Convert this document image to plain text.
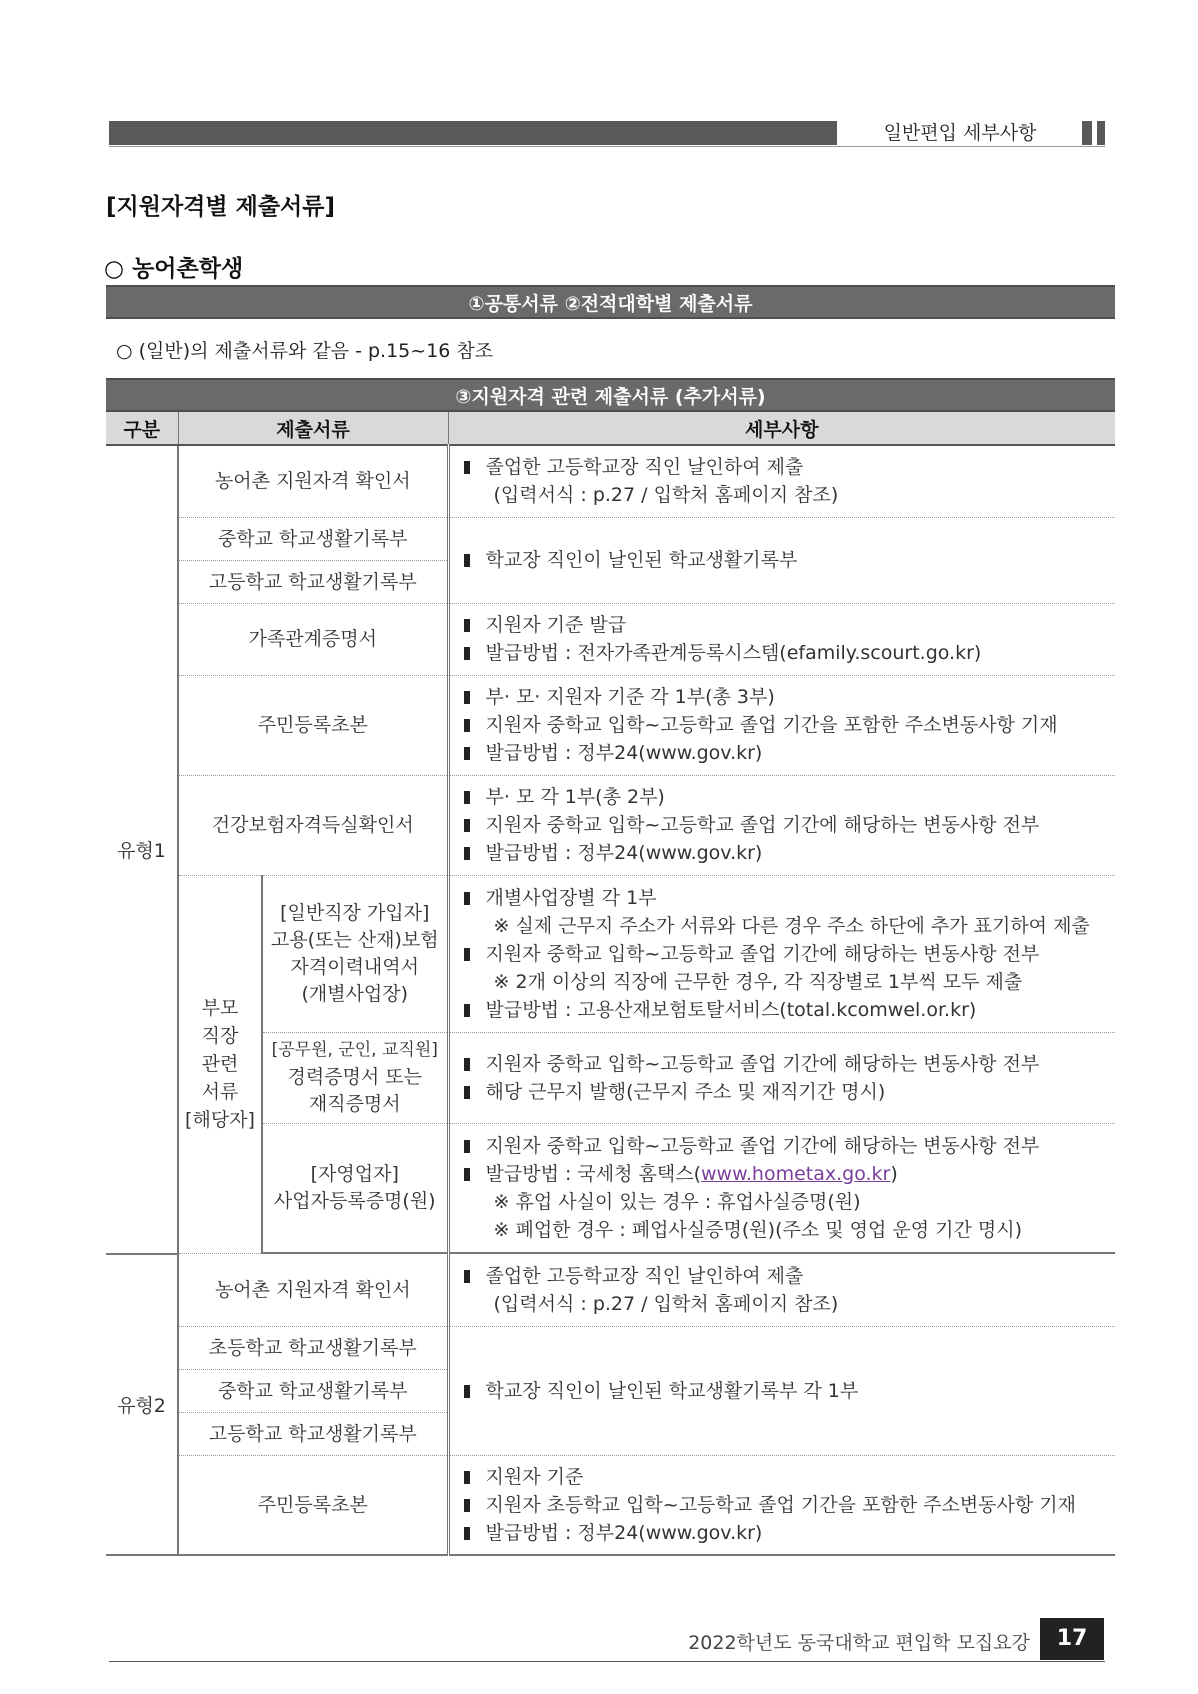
일반편입 세부사항
[지원자격별 제출서류]
○ 농어촌학생
①공통서류 ②전적대학별 제출서류
○ (일반)의 제출서류와 같음 - p.15~16 참조
③지원자격 관련 제출서류 (추가서류)
구분	제출서류		세부사항
유형1	농어촌 지원자격 확인서		졸업한 고등학교장 직인 날인하여 제출
(입력서식 : p.27 / 입학처 홈페이지 참조)

	중학교 학교생활기록부		학교장 직인이 날인된 학교생활기록부

	고등학교 학교생활기록부		
	가족관계증명서		지원자 기준 발급
발급방법 : 전자가족관계등록시스템(efamily.scourt.go.kr)

	주민등록초본		부· 모· 지원자 기준 각 1부(총 3부)
지원자 중학교 입학~고등학교 졸업 기간을 포함한 주소변동사항 기재
발급방법 : 정부24(www.gov.kr)

	건강보험자격득실확인서		부· 모 각 1부(총 2부)
지원자 중학교 입학~고등학교 졸업 기간에 해당하는 변동사항 전부
발급방법 : 정부24(www.gov.kr)

	부모
직장
관련
서류
[해당자]	[일반직장 가입자]
고용(또는 산재)보험
자격이력내역서
(개별사업장)	개별사업장별 각 1부
※ 실제 근무지 주소가 서류와 다른 경우 주소 하단에 추가 표기하여 제출
지원자 중학교 입학~고등학교 졸업 기간에 해당하는 변동사항 전부
※ 2개 이상의 직장에 근무한 경우, 각 직장별로 1부씩 모두 제출
발급방법 : 고용산재보험토탈서비스(total.kcomwel.or.kr)

		[공무원, 군인, 교직원]
경력증명서 또는
재직증명서	지원자 중학교 입학~고등학교 졸업 기간에 해당하는 변동사항 전부
해당 근무지 발행(근무지 주소 및 재직기간 명시)

		[자영업자]
사업자등록증명(원)	지원자 중학교 입학~고등학교 졸업 기간에 해당하는 변동사항 전부
발급방법 : 국세청 홈택스(www.hometax.go.kr)
※ 휴업 사실이 있는 경우 : 휴업사실증명(원)
※ 폐업한 경우 : 폐업사실증명(원)(주소 및 영업 운영 기간 명시)

유형2	농어촌 지원자격 확인서		졸업한 고등학교장 직인 날인하여 제출
(입력서식 : p.27 / 입학처 홈페이지 참조)

	초등학교 학교생활기록부		학교장 직인이 날인된 학교생활기록부 각 1부

	중학교 학교생활기록부		
	고등학교 학교생활기록부		
	주민등록초본		지원자 기준
지원자 초등학교 입학~고등학교 졸업 기간을 포함한 주소변동사항 기재
발급방법 : 정부24(www.gov.kr)
2022학년도 동국대학교 편입학 모집요강	17
